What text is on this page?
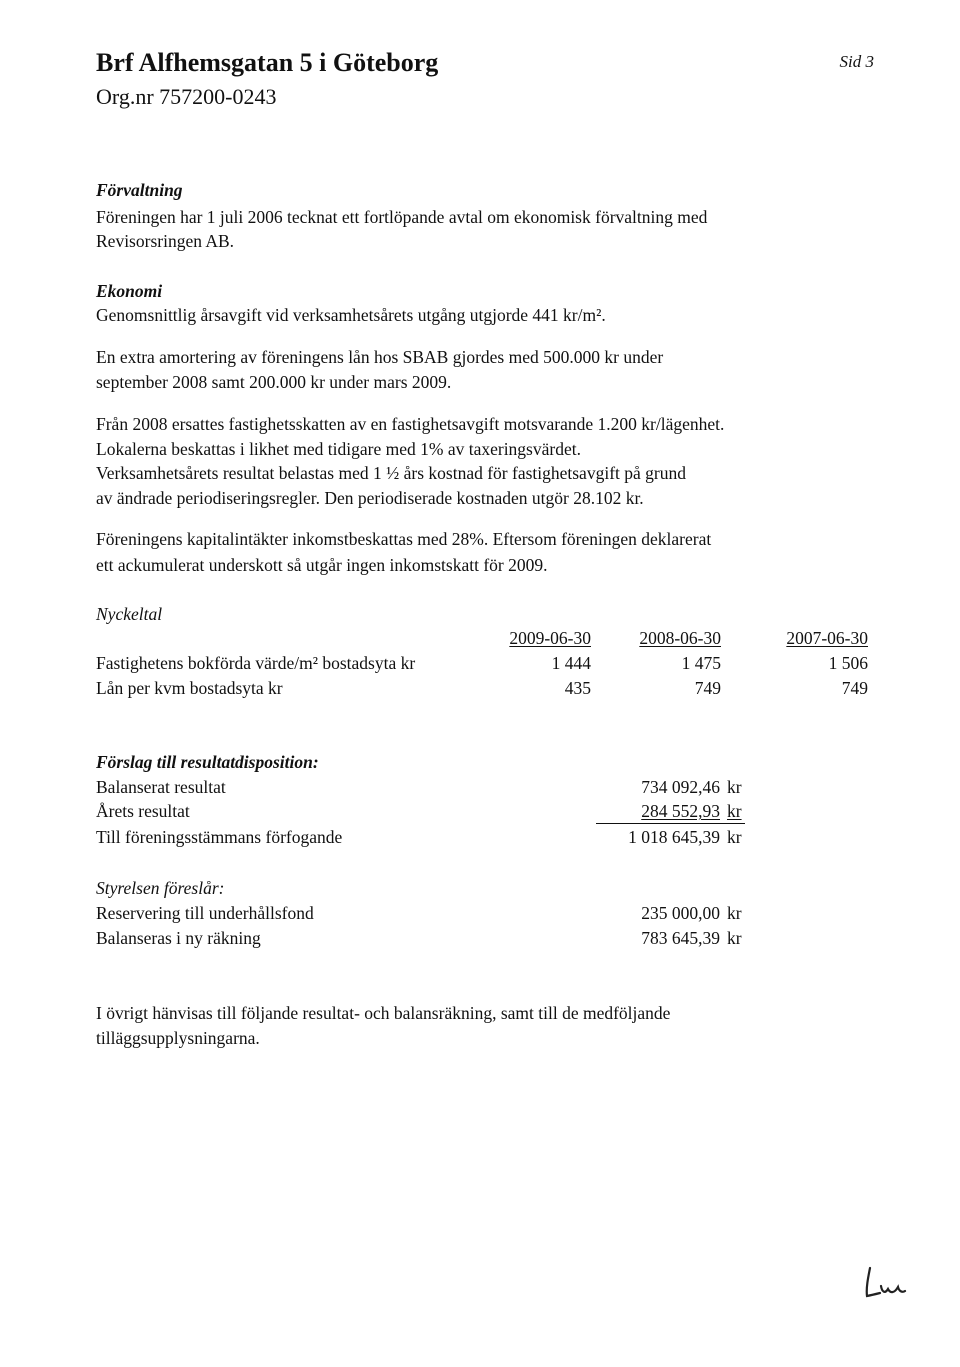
Brf Alfhemsgatan 5 i Göteborg
Org.nr 757200-0243
Sid 3
Förvaltning
Föreningen har 1 juli 2006 tecknat ett fortlöpande avtal om ekonomisk förvaltning med
Revisorsringen AB.
Ekonomi
Genomsnittlig årsavgift vid verksamhetsårets utgång utgjorde 441 kr/m².
En extra amortering av föreningens lån hos SBAB gjordes med 500.000 kr under
september 2008 samt 200.000 kr under mars 2009.
Från 2008 ersattes fastighetsskatten av en fastighetsavgift motsvarande 1.200 kr/lägenhet.
Lokalerna beskattas i likhet med tidigare med 1% av taxeringsvärdet.
Verksamhetsårets resultat belastas med 1 ½ års kostnad för fastighetsavgift på grund
av ändrade periodiseringsregler. Den periodiserade kostnaden utgör 28.102 kr.
Föreningens kapitalintäkter inkomstbeskattas med 28%. Eftersom föreningen deklarerat
ett ackumulerat underskott så utgår ingen inkomstskatt för 2009.
Nyckeltal
2009-06-30	2008-06-30	2007-06-30
Fastighetens bokförda värde/m² bostadsyta kr	1 444	1 475	1 506
Lån per kvm bostadsyta kr	435	749	749
Förslag till resultatdisposition:
Balanserat resultat	734 092,46 kr
Årets resultat	284 552,93 kr
Till föreningsstämmans förfogande	1 018 645,39 kr
Styrelsen föreslår:
Reservering till underhållsfond	235 000,00 kr
Balanseras i ny räkning	783 645,39 kr
I övrigt hänvisas till följande resultat- och balansräkning, samt till de medföljande
tilläggsupplysningarna.
